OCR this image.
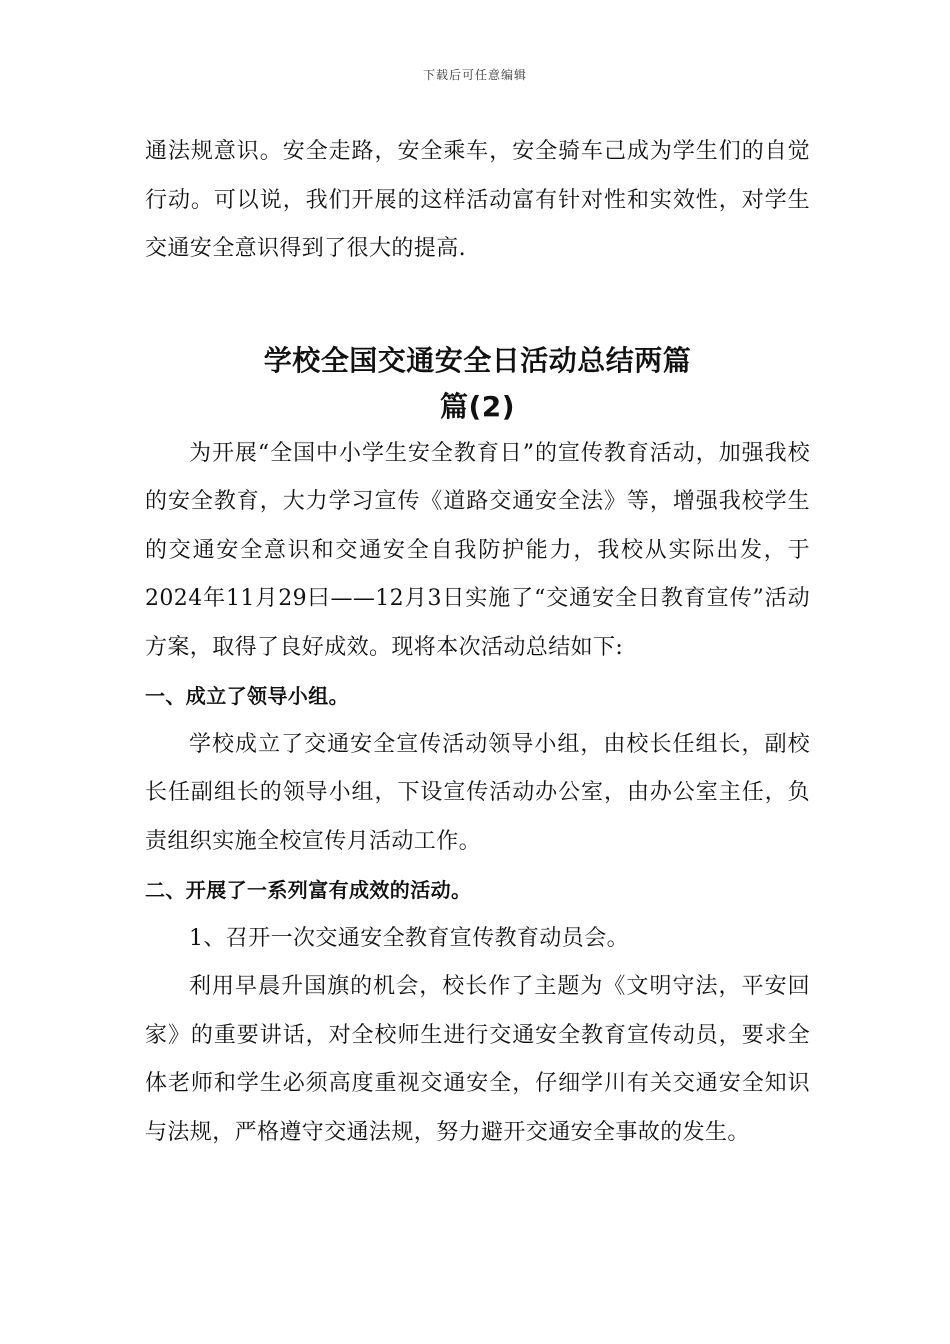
下载后可任意编辑

通法规意识。安全走路，安全乘车，安全骑车己成为学生们的自觉行动。可以说，我们开展的这样活动富有针对性和实效性，对学生交通安全意识得到了很大的提高.

学校全国交通安全日活动总结两篇

篇(2)

为开展“全国中小学生安全教育日”的宣传教育活动，加强我校的安全教育，大力学习宣传《道路交通安全法》等，增强我校学生的交通安全意识和交通安全自我防护能力，我校从实际出发，于2024年11月29曰——12月3日实施了“交通安全日教育宣传”活动方案，取得了良好成效。现将本次活动总结如下:

一、成立了领导小组。

学校成立了交通安全宣传活动领导小组，由校长任组长，副校长任副组长的领导小组，下设宣传活动办公室，由办公室主任，负责组织实施全校宣传月活动工作。

二、开展了一系列富有成效的活动。

1、召开一次交通安全教育宣传教育动员会。

利用早晨升国旗的机会，校长作了主题为《文明守法，平安回家》的重要讲话，对全校师生进行交通安全教育宣传动员，要求全体老师和学生必须高度重视交通安全，仔细学川有关交通安全知识与法规，严格遵守交通法规，努力避开交通安全事故的发生。
